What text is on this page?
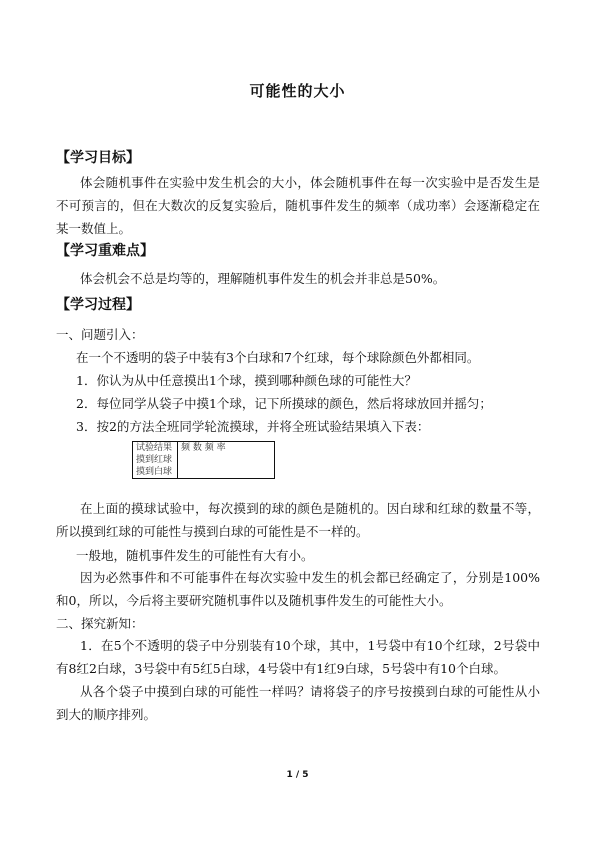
可能性的大小
【学习目标】

体会随机事件在实验中发生机会的大小，体会随机事件在每一次实验中是否发生是不可预言的，但在大数次的反复实验后，随机事件发生的频率（成功率）会逐渐稳定在某一数值上。

【学习重难点】

体会机会不总是均等的，理解随机事件发生的机会并非总是50%。

【学习过程】
一、问题引入：
在一个不透明的袋子中装有3个白球和7个红球，每个球除颜色外都相同。
1．你认为从中任意摸出1个球，摸到哪种颜色球的可能性大？
2．每位同学从袋子中摸1个球，记下所摸球的颜色，然后将球放回并摇匀；
3．按2的方法全班同学轮流摸球，并将全班试验结果填入下表：
试验结果	频 数 频 率
摸到红球	
摸到白球	

在上面的摸球试验中，每次摸到的球的颜色是随机的。因白球和红球的数量不等，所以摸到红球的可能性与摸到白球的可能性是不一样的。

一般地，随机事件发生的可能性有大有小。

因为必然事件和不可能事件在每次实验中发生的机会都已经确定了，分别是100%和0，所以，今后将主要研究随机事件以及随机事件发生的可能性大小。

二、探究新知：

1．在5个不透明的袋子中分别装有10个球，其中，1号袋中有10个红球，2号袋中有8红2白球，3号袋中有5红5白球，4号袋中有1红9白球，5号袋中有10个白球。

从各个袋子中摸到白球的可能性一样吗？请将袋子的序号按摸到白球的可能性从小到大的顺序排列。

1 / 5
